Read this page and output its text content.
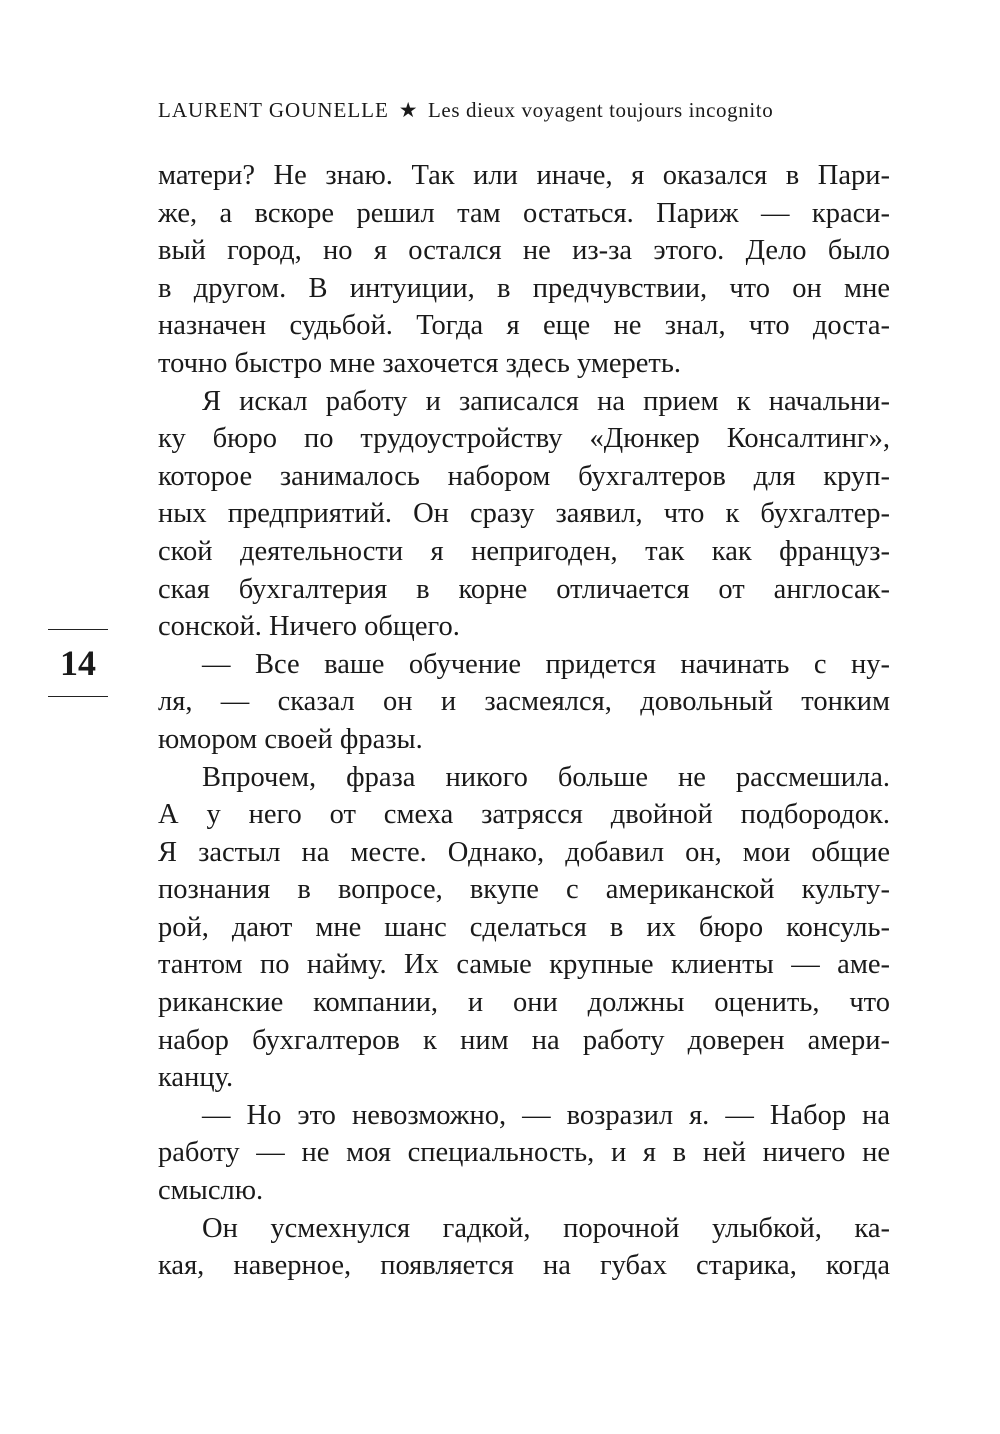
LAURENT GOUNELLE ★ Les dieux voyagent toujours incognito
14
матери? Не знаю. Так или иначе, я оказался в Пари-
же, а вскоре решил там остаться. Париж — краси-
вый город, но я остался не из-за этого. Дело было
в другом. В интуиции, в предчувствии, что он мне
назначен судьбой. Тогда я еще не знал, что доста-
точно быстро мне захочется здесь умереть.
Я искал работу и записался на прием к начальни-
ку бюро по трудоустройству «Дюнкер Консалтинг»,
которое занималось набором бухгалтеров для круп-
ных предприятий. Он сразу заявил, что к бухгалтер-
ской деятельности я непригоден, так как француз-
ская бухгалтерия в корне отличается от англосак-
сонской. Ничего общего.
— Все ваше обучение придется начинать с ну-
ля, — сказал он и засмеялся, довольный тонким
юмором своей фразы.
Впрочем, фраза никого больше не рассмешила.
А у него от смеха затрясся двойной подбородок.
Я застыл на месте. Однако, добавил он, мои общие
познания в вопросе, вкупе с американской культу-
рой, дают мне шанс сделаться в их бюро консуль-
тантом по найму. Их самые крупные клиенты — аме-
риканские компании, и они должны оценить, что
набор бухгалтеров к ним на работу доверен амери-
канцу.
— Но это невозможно, — возразил я. — Набор на
работу — не моя специальность, и я в ней ничего не
смыслю.
Он усмехнулся гадкой, порочной улыбкой, ка-
кая, наверное, появляется на губах старика, когда
